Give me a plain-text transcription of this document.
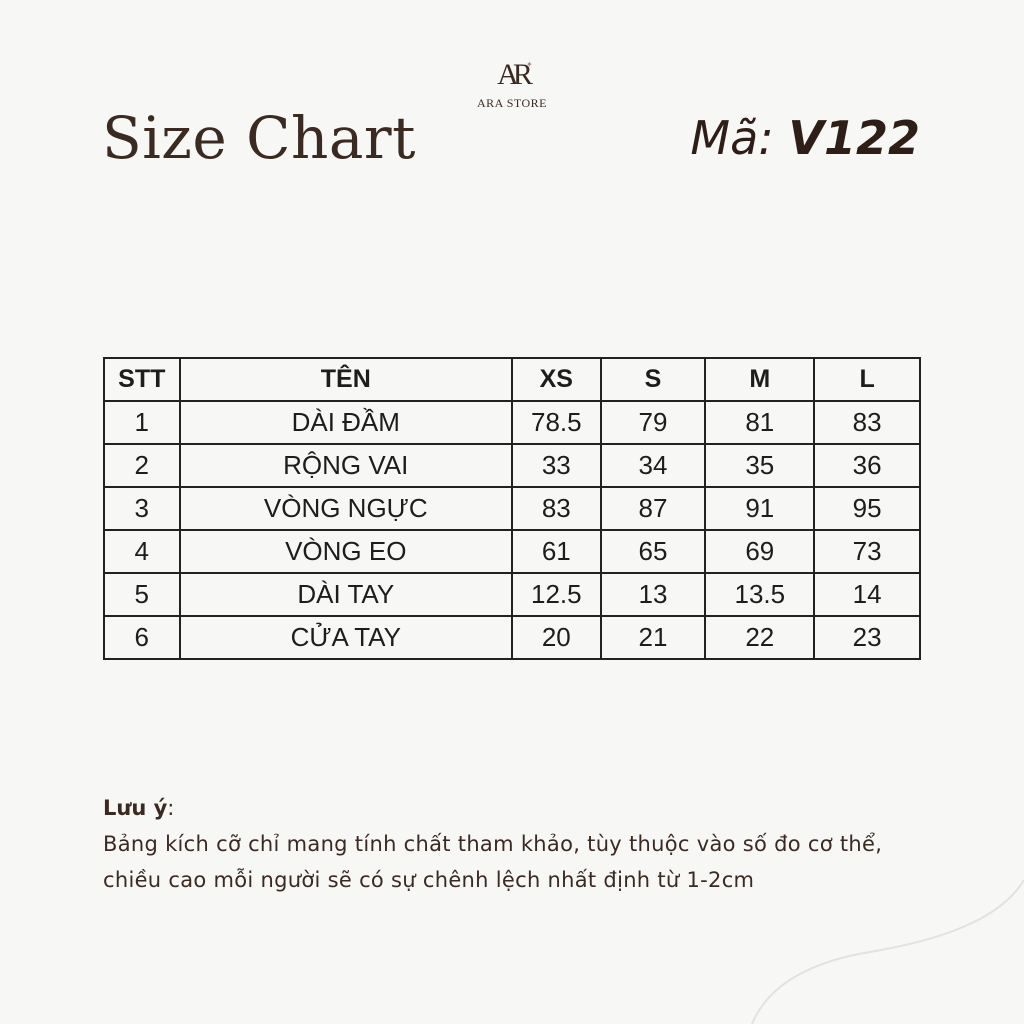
AR ✦
ARA STORE
Size Chart	Mã: V122
STT	TÊN	XS	S	M	L
1	DÀI ĐẦM	78.5	79	81	83
2	RỘNG VAI	33	34	35	36
3	VÒNG NGỰC	83	87	91	95
4	VÒNG EO	61	65	69	73
5	DÀI TAY	12.5	13	13.5	14
6	CỬA TAY	20	21	22	23
Lưu ý:
Bảng kích cỡ chỉ mang tính chất tham khảo, tùy thuộc vào số đo cơ thể, chiều cao mỗi người sẽ có sự chênh lệch nhất định từ 1-2cm
